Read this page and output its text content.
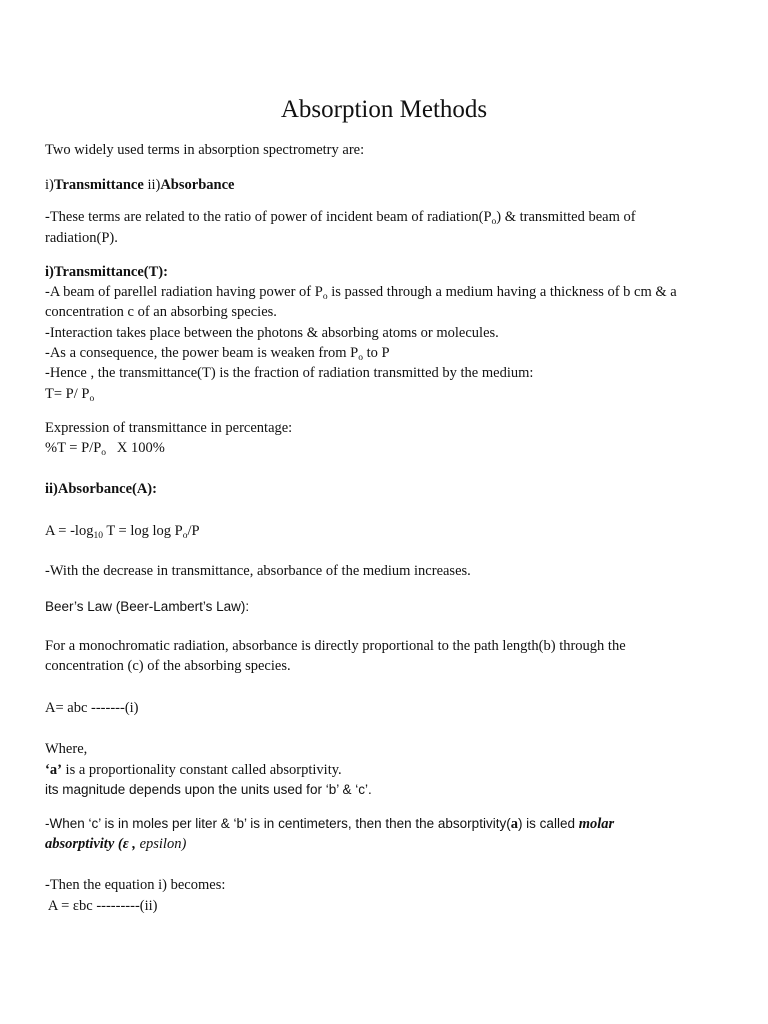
Absorption Methods
Two widely used terms in absorption spectrometry are:
i)Transmittance ii)Absorbance
-These terms are related to the ratio of power of incident beam of $radiation(P_o)$ & transmitted beam of
radiation(P).
i)Transmittance(T):
-A beam of parellel radiation having power of $P_o$ is passed through a medium having a thickness of b cm & a
concentration c of an absorbing species.
-Interaction takes place between the photons & absorbing atoms or molecules.
-As a consequence, the power beam is weaken from $P_o$ to P
-Hence , the transmittance(T) is the fraction of radiation transmitted by the medium:
T= P/ $P_o$
Expression of transmittance in percentage:
$\%T = P/P_o$   X 100%
ii)Absorbance(A):
$A = -\log_{10}$ $T = \log \log P_o/P$
-With the decrease in transmittance, absorbance of the medium increases.
Beer’s Law (Beer-Lambert’s Law):
For a monochromatic radiation, absorbance is directly proportional to the path length(b) through the
concentration (c) of the absorbing species.
A= abc -------(i)
Where,
‘a’ is a proportionality constant called absorptivity.
its magnitude depends upon the units used for ‘b’ & ‘c’.
-When ‘c’ is in moles per liter & ‘b’ is in centimeters, then then the absorptivity(a) is called molar
absorptivity (ε , epsilon)
-Then the equation i) becomes:
A = εbc ---------(ii)
